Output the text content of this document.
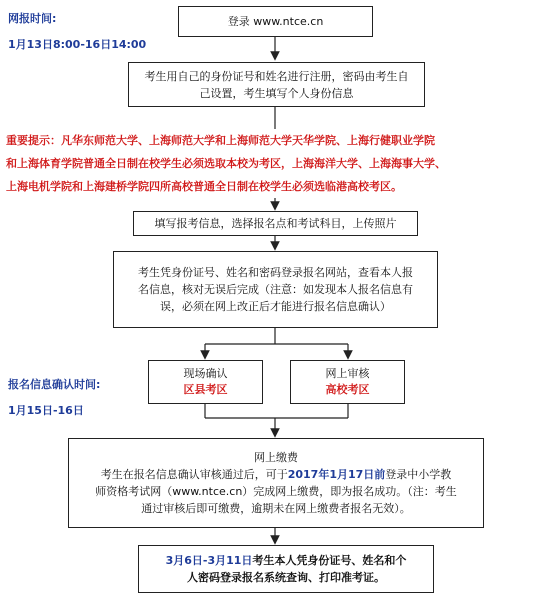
网报时间:
1月13日8:00-16日14:00
报名信息确认时间:
1月15日-16日
登录 www.ntce.cn
考生用自己的身份证号和姓名进行注册，密码由考生自
己设置，考生填写个人身份信息
重要提示：凡华东师范大学、上海师范大学和上海师范大学天华学院、上海行健职业学院
和上海体育学院普通全日制在校学生必须选取本校为考区，上海海洋大学、上海海事大学、
上海电机学院和上海建桥学院四所高校普通全日制在校学生必须选临港高校考区。
填写报考信息，选择报名点和考试科目，上传照片
考生凭身份证号、姓名和密码登录报名网站，查看本人报
名信息，核对无误后完成（注意：如发现本人报名信息有
误，必须在网上改正后才能进行报名信息确认）
现场确认
区县考区
网上审核
高校考区
网上缴费
考生在报名信息确认审核通过后，可于2017年1月17日前登录中小学教
师资格考试网（www.ntce.cn）完成网上缴费，即为报名成功。（注：考生
通过审核后即可缴费，逾期未在网上缴费者报名无效）。
3月6日-3月11日考生本人凭身份证号、姓名和个
人密码登录报名系统查询、打印准考证。
